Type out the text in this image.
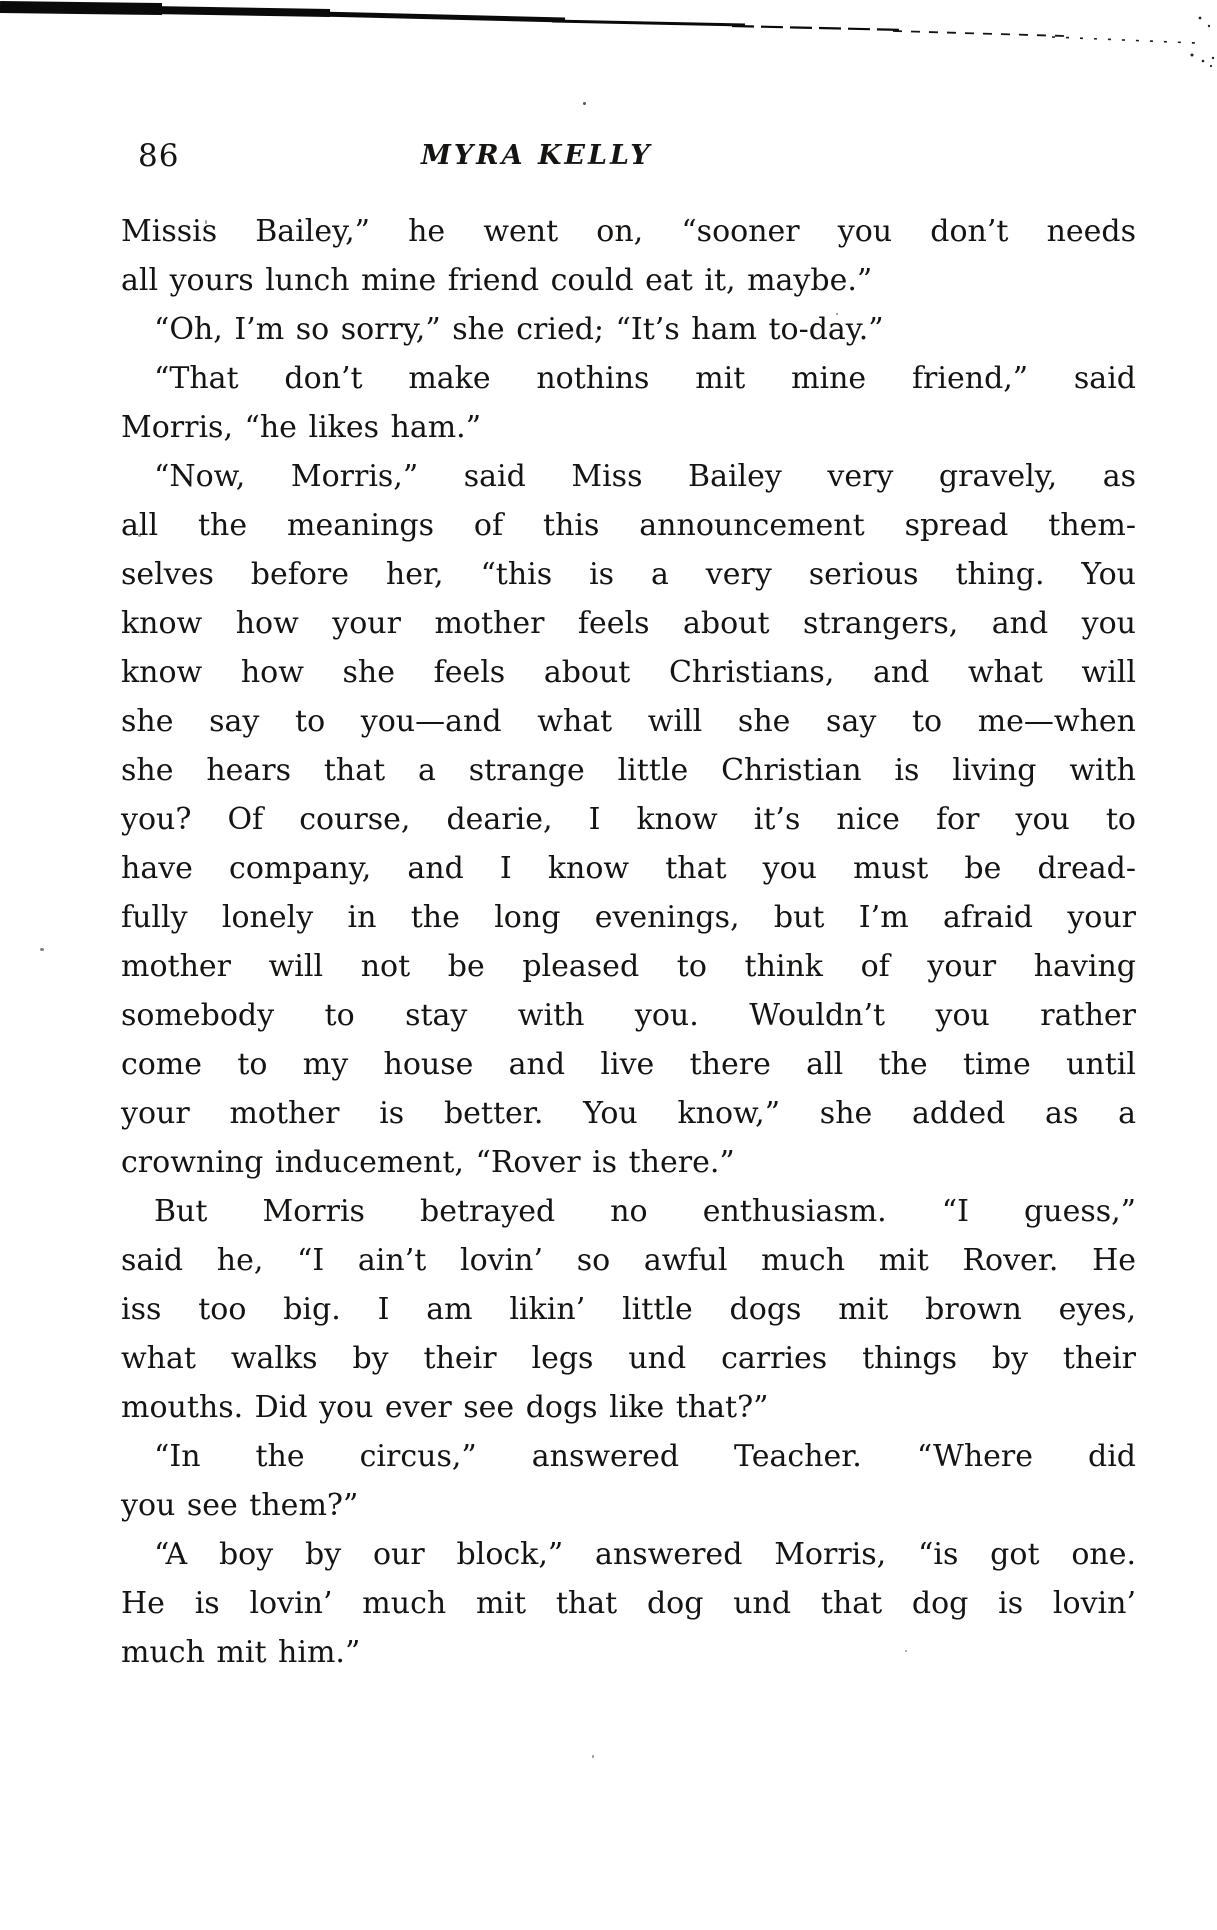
86	MYRA KELLY
Missis Bailey,” he went on, “sooner you don’t needs
all yours lunch mine friend could eat it, maybe.”
“Oh, I’m so sorry,” she cried; “It’s ham to-day.”
“That don’t make nothins mit mine friend,” said
Morris, “he likes ham.”
“Now, Morris,” said Miss Bailey very gravely, as
all the meanings of this announcement spread them-
selves before her, “this is a very serious thing. You
know how your mother feels about strangers, and you
know how she feels about Christians, and what will
she say to you—and what will she say to me—when
she hears that a strange little Christian is living with
you? Of course, dearie, I know it’s nice for you to
have company, and I know that you must be dread-
fully lonely in the long evenings, but I’m afraid your
mother will not be pleased to think of your having
somebody to stay with you. Wouldn’t you rather
come to my house and live there all the time until
your mother is better. You know,” she added as a
crowning inducement, “Rover is there.”
But Morris betrayed no enthusiasm. “I guess,”
said he, “I ain’t lovin’ so awful much mit Rover. He
iss too big. I am likin’ little dogs mit brown eyes,
what walks by their legs und carries things by their
mouths. Did you ever see dogs like that?”
“In the circus,” answered Teacher. “Where did
you see them?”
“A boy by our block,” answered Morris, “is got one.
He is lovin’ much mit that dog und that dog is lovin’
much mit him.”
